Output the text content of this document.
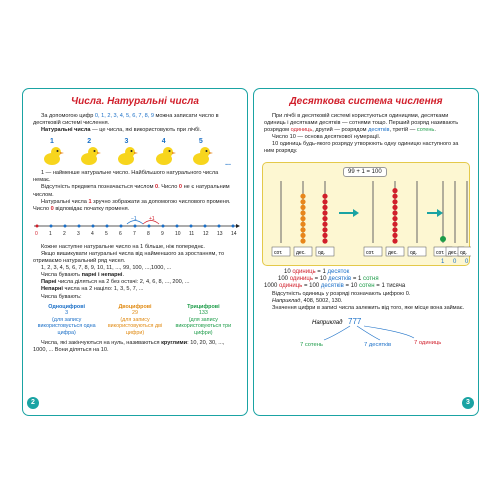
Числа. Натуральні числа

За допомогою цифр 0, 1, 2, 3, 4, 5, 6, 7, 8, 9 можна записати число в десятковій системі числення.

Натуральні числа — це числа, які використовують при лічбі.

1	2	3	4	5
...

1 — найменше натуральне число. Найбільшого натурального числа немає.

Відсутність предмета позначається числом 0. Число 0 не є натуральним числом.

Натуральні числа 1 зручно зображати за допомогою числового променя. Число 0 відповідає початку променя.

−1 +1
0 1 2 3 4 5 6 7 8 9 10 11 12 13 14

Кожне наступне натуральне число на 1 більше, ніж попереднє.

Якщо вишикувати натуральні числа від найменшого за зростанням, то отримаємо натуральний ряд чисел.

1, 2, 3, 4, 5, 6, 7, 8, 9, 10, 11, ..., 99, 100, ...,1000, ...

Числа бувають парні і непарні.

Парні числа діляться на 2 без остачі: 2, 4, 6, 8, ..., 200, ...

Непарні числа на 2 націло: 1, 3, 5, 7, ...

Числа бувають:

Одноцифрові
3
(для запису використовується одна цифра)
Двоцифрові
29
(для запису використовуються дві цифри)
Трицифрові
133
(для запису використовуються три цифри)

Числа, які закінчуються на нуль, називаються круглими: 10, 20, 30, ..., 1000, ... Вони діляться на 10.

2
Десяткова система числення

При лічбі в десятковій системі користуються одиницями, десятками одиниць і десятками десятків — сотнями тощо. Перший розряд називають розрядом одиниць, другий — розрядом десятків, третій — сотень.

Число 10 — основа десяткової нумерації.

10 одиниць будь-якого розряду утворюють одну одиницю наступного за ним розряду.

99 + 1 = 100
сот.	дес. од.	сот.	дес. од.	сот. дес. од.
1 0 0

10 одиниць = 1 десяток

100 одиниць = 10 десятків = 1 сотня

1000 одиниць = 100 десятків = 10 сотен = 1 тисяча

Відсутність одиниць у розряді позначають цифрою 0.

Наприклад, 408, 5002, 130.

Значення цифри в записі числа залежить від того, яке місце вона займає.

Наприклад 777
7 сотень	7 десятків	7 одиниць
3
